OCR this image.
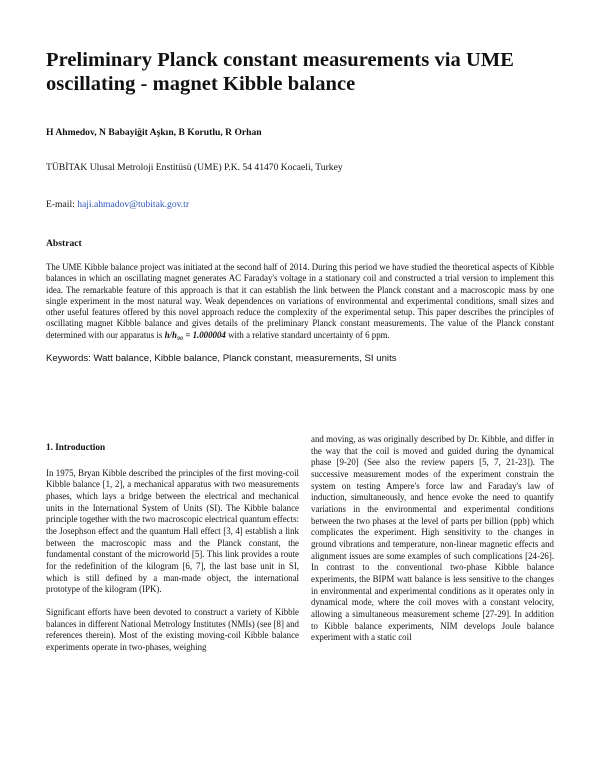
Preliminary Planck constant measurements via UME
oscillating - magnet Kibble balance
H Ahmedov, N Babayiğit Aşkın, B Korutlu, R Orhan
TÜBİTAK Ulusal Metroloji Enstitüsü (UME) P.K. 54 41470 Kocaeli, Turkey
E-mail: haji.ahmadov@tubitak.gov.tr
Abstract
The UME Kibble balance project was initiated at the second half of 2014. During this period we have studied the theoretical aspects of Kibble balances in which an oscillating magnet generates AC Faraday's voltage in a stationary coil and constructed a trial version to implement this idea. The remarkable feature of this approach is that it can establish the link between the Planck constant and a macroscopic mass by one single experiment in the most natural way. Weak dependences on variations of environmental and experimental conditions, small sizes and other useful features offered by this novel approach reduce the complexity of the experimental setup. This paper describes the principles of oscillating magnet Kibble balance and gives details of the preliminary Planck constant measurements. The value of the Planck constant determined with our apparatus is h/h₉₀ = 1.000004 with a relative standard uncertainty of 6 ppm.
Keywords: Watt balance, Kibble balance, Planck constant, measurements, SI units
1. Introduction

In 1975, Bryan Kibble described the principles of the first moving-coil Kibble balance [1, 2], a mechanical apparatus with two measurements phases, which lays a bridge between the electrical and mechanical units in the International System of Units (SI). The Kibble balance principle together with the two macroscopic electrical quantum effects: the Josephson effect and the quantum Hall effect [3, 4] establish a link between the macroscopic mass and the Planck constant, the fundamental constant of the microworld [5]. This link provides a route for the redefinition of the kilogram [6, 7], the last base unit in SI, which is still defined by a man-made object, the international prototype of the kilogram (IPK).

Significant efforts have been devoted to construct a variety of Kibble balances in different National Metrology Institutes (NMIs) (see [8] and references therein). Most of the existing moving-coil Kibble balance experiments operate in two-phases, weighing

and moving, as was originally described by Dr. Kibble, and differ in the way that the coil is moved and guided during the dynamical phase [9-20] (See also the review papers [5, 7, 21-23]). The successive measurement modes of the experiment constrain the system on testing Ampere's force law and Faraday's law of induction, simultaneously, and hence evoke the need to quantify variations in the environmental and experimental conditions between the two phases at the level of parts per billion (ppb) which complicates the experiment. High sensitivity to the changes in ground vibrations and temperature, non-linear magnetic effects and alignment issues are some examples of such complications [24-26]. In contrast to the conventional two-phase Kibble balance experiments, the BIPM watt balance is less sensitive to the changes in environmental and experimental conditions as it operates only in dynamical mode, where the coil moves with a constant velocity, allowing a simultaneous measurement scheme [27-29]. In addition to Kibble balance experiments, NIM develops Joule balance experiment with a static coil
